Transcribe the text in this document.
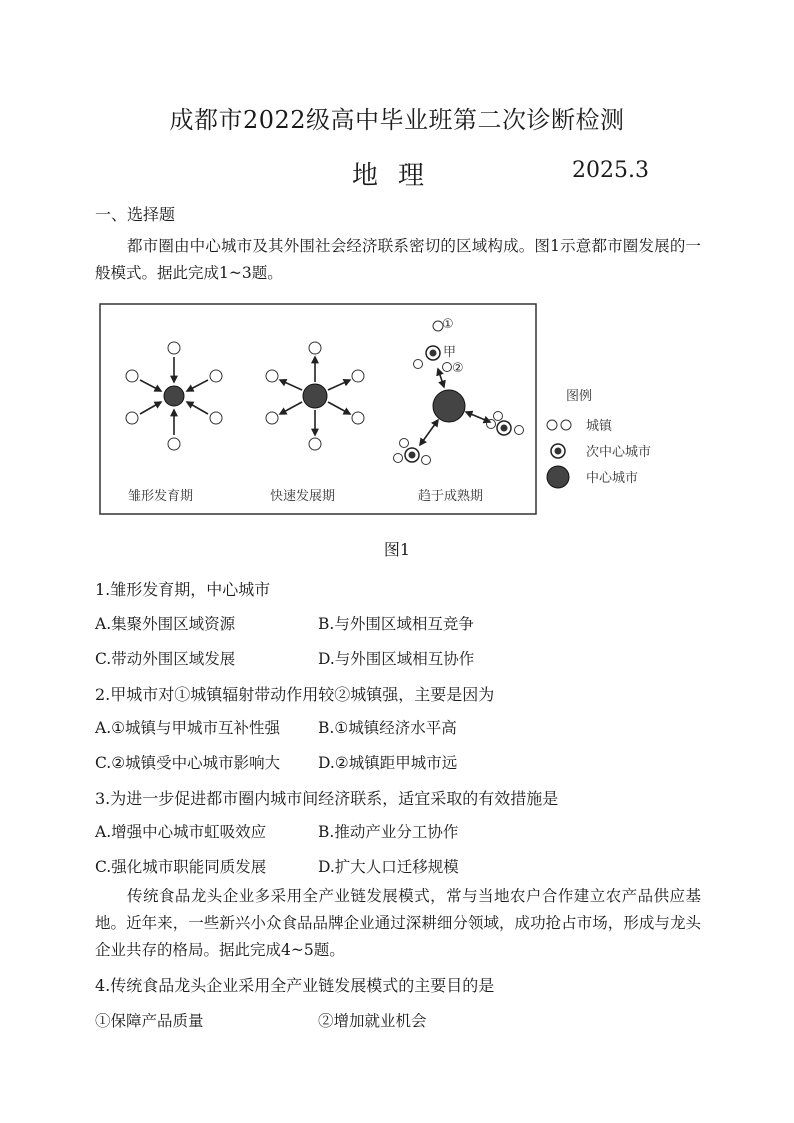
成都市2022级高中毕业班第二次诊断检测
地理	2025.3
一、选择题
都市圈由中心城市及其外围社会经济联系密切的区域构成。图1示意都市圈发展的一般模式。据此完成1~3题。
①
甲
②
雏形发育期	快速发展期	趋于成熟期
图例
城镇
次中心城市
中心城市
图1
1.雏形发育期，中心城市
A.集聚外围区域资源	B.与外围区域相互竞争
C.带动外围区域发展	D.与外围区域相互协作
2.甲城市对①城镇辐射带动作用较②城镇强，主要是因为
A.①城镇与甲城市互补性强 B.①城镇经济水平高
C.②城镇受中心城市影响大 D.②城镇距甲城市远
3.为进一步促进都市圈内城市间经济联系，适宜采取的有效措施是
A.增强中心城市虹吸效应	B.推动产业分工协作
C.强化城市职能同质发展	D.扩大人口迁移规模
传统食品龙头企业多采用全产业链发展模式，常与当地农户合作建立农产品供应基地。近年来，一些新兴小众食品品牌企业通过深耕细分领域，成功抢占市场，形成与龙头企业共存的格局。据此完成4~5题。
4.传统食品龙头企业采用全产业链发展模式的主要目的是
①保障产品质量	②增加就业机会
